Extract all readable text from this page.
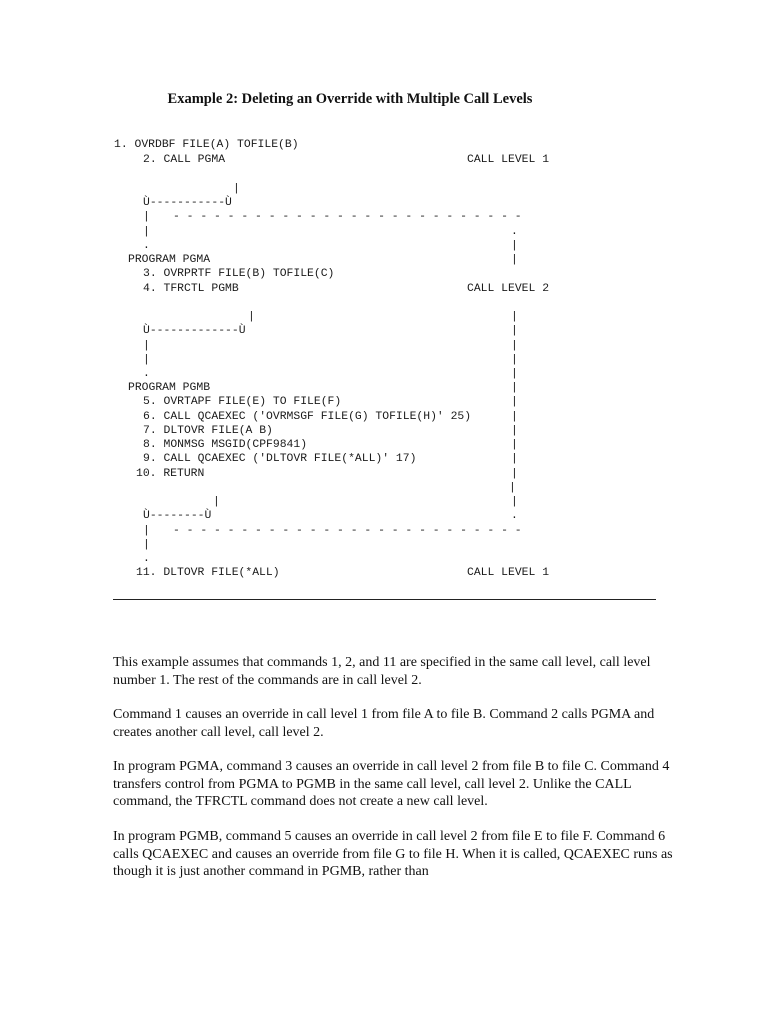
Example 2: Deleting an Override with Multiple Call Levels
1. OVRDBF FILE(A) TOFILE(B)
2. CALL PGMA	CALL LEVEL 1
|
Ù-----------Ù
| - - - - - - - - - - - - - - - - - - - - - - - - - -
|	.
.	|
PROGRAM PGMA	|
3. OVRPRTF FILE(B) TOFILE(C)
4. TFRCTL PGMB	CALL LEVEL 2
|	|
Ù-------------Ù	|
|	|
|	|
.	|
PROGRAM PGMB	|
5. OVRTAPF FILE(E) TO FILE(F)	|
6. CALL QCAEXEC ('OVRMSGF FILE(G) TOFILE(H)' 25)	|
7. DLTOVR FILE(A B)	|
8. MONMSG MSGID(CPF9841)	|
9. CALL QCAEXEC ('DLTOVR FILE(*ALL)' 17)	|
10. RETURN	|
|
|	|
Ù--------Ù	.
| - - - - - - - - - - - - - - - - - - - - - - - - - -
|
.
11. DLTOVR FILE(*ALL)	CALL LEVEL 1

This example assumes that commands 1, 2, and 11 are specified in the same call level, call level number 1. The rest of the commands are in call level 2.

Command 1 causes an override in call level 1 from file A to file B. Command 2 calls PGMA and creates another call level, call level 2.

In program PGMA, command 3 causes an override in call level 2 from file B to file C. Command 4 transfers control from PGMA to PGMB in the same call level, call level 2. Unlike the CALL command, the TFRCTL command does not create a new call level.

In program PGMB, command 5 causes an override in call level 2 from file E to file F. Command 6 calls QCAEXEC and causes an override from file G to file H. When it is called, QCAEXEC runs as though it is just another command in PGMB, rather than
